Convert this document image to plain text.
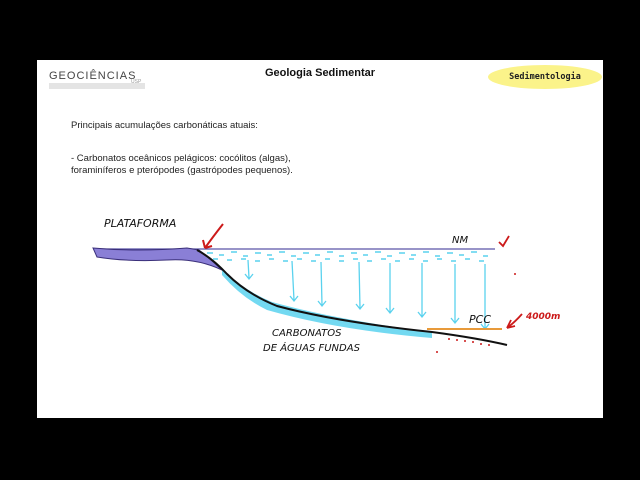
GEOCIÊNCIAS
USP
Geologia Sedimentar	Sedimentologia
Principais acumulações carbonáticas atuais:
- Carbonatos oceânicos pelágicos: cocólitos (algas), foraminíferos e pterópodes (gastrópodes pequenos).
PLATAFORMA
NM
PCC	4000m
CARBONATOS
DE ÁGUAS FUNDAS
